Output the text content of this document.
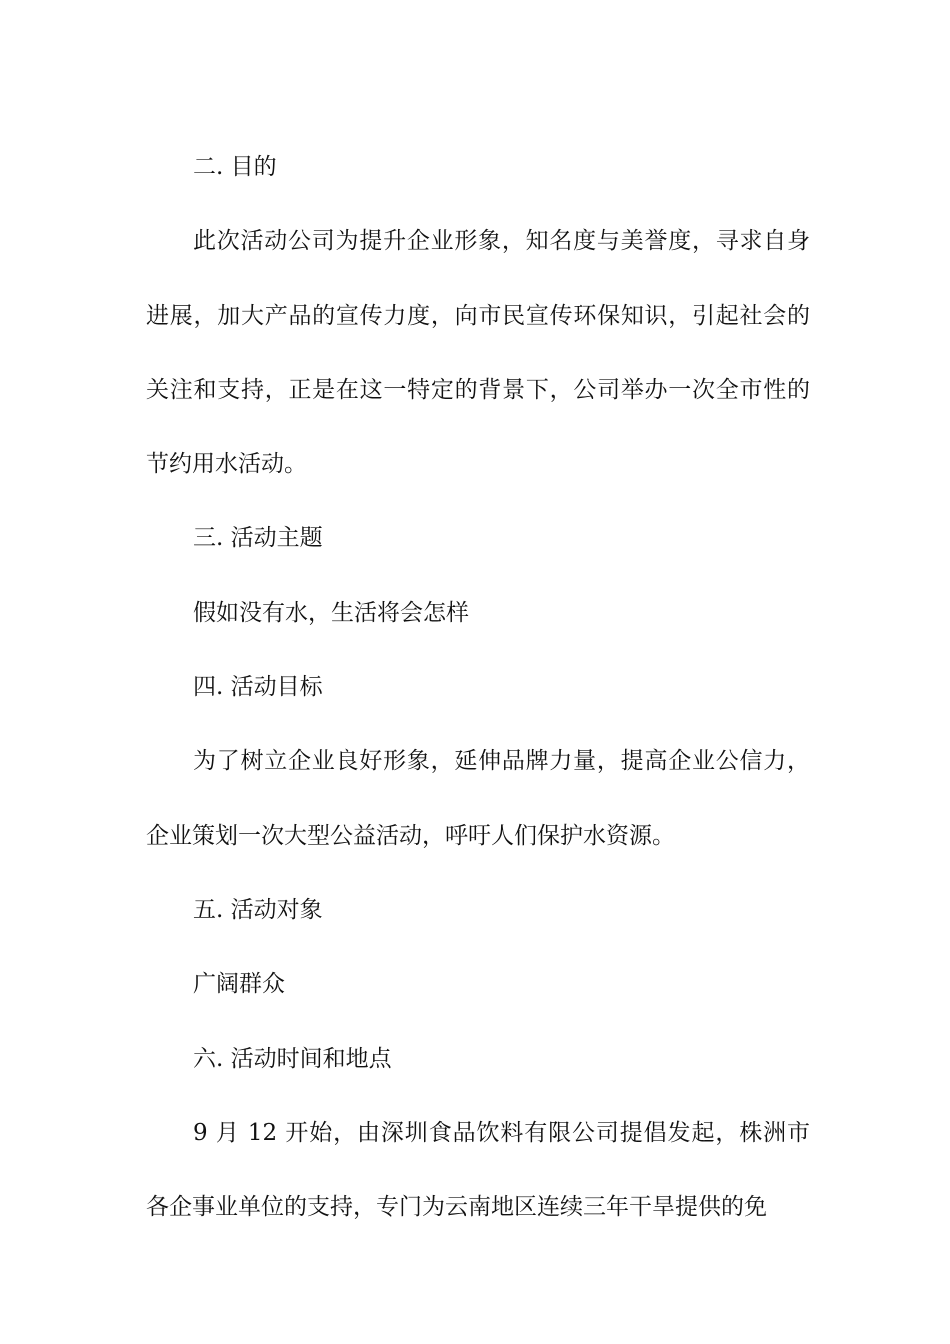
二. 目的

此次活动公司为提升企业形象，知名度与美誉度，寻求自身进展，加大产品的宣传力度，向市民宣传环保知识，引起社会的关注和支持，正是在这一特定的背景下，公司举办一次全市性的节约用水活动。

三. 活动主题

假如没有水，生活将会怎样

四. 活动目标

为了树立企业良好形象，延伸品牌力量，提高企业公信力，企业策划一次大型公益活动，呼吁人们保护水资源。

五. 活动对象

广阔群众

六. 活动时间和地点

9 月 12 开始，由深圳食品饮料有限公司提倡发起，株洲市各企事业单位的支持，专门为云南地区连续三年干旱提供的免
